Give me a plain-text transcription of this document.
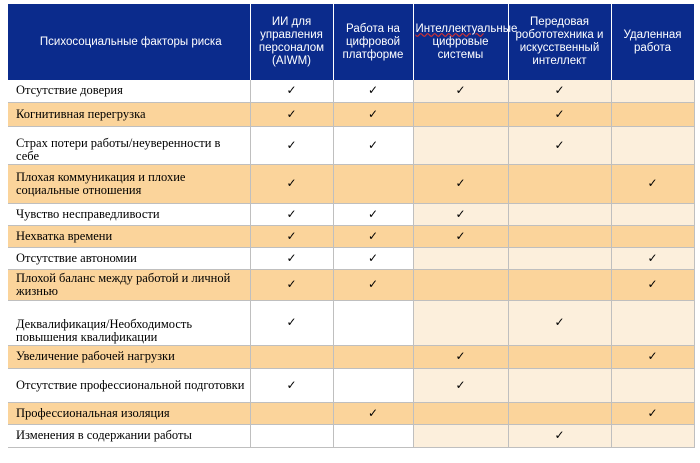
Психосоциальные факторы риска	ИИ для управления персоналом (AIWM)	Работа на цифровой платформе	Интеллектуальные цифровые системы	Передовая робототехника и искусственный интеллект	Удаленная работа
Отсутствие доверия	✓	✓	✓	✓	
Когнитивная перегрузка	✓	✓		✓	
Страх потери работы/неуверенности в себе	✓	✓		✓	
Плохая коммуникация и плохие социальные отношения	✓		✓		✓
Чувство несправедливости	✓	✓	✓		
Нехватка времени	✓	✓	✓		
Отсутствие автономии	✓	✓			✓
Плохой баланс между работой и личной жизнью	✓	✓			✓
Деквалификация/Необходимость повышения квалификации	✓			✓	
Увеличение рабочей нагрузки			✓		✓
Отсутствие профессиональной подготовки	✓		✓		
Профессиональная изоляция		✓			✓
Изменения в содержании работы				✓	
